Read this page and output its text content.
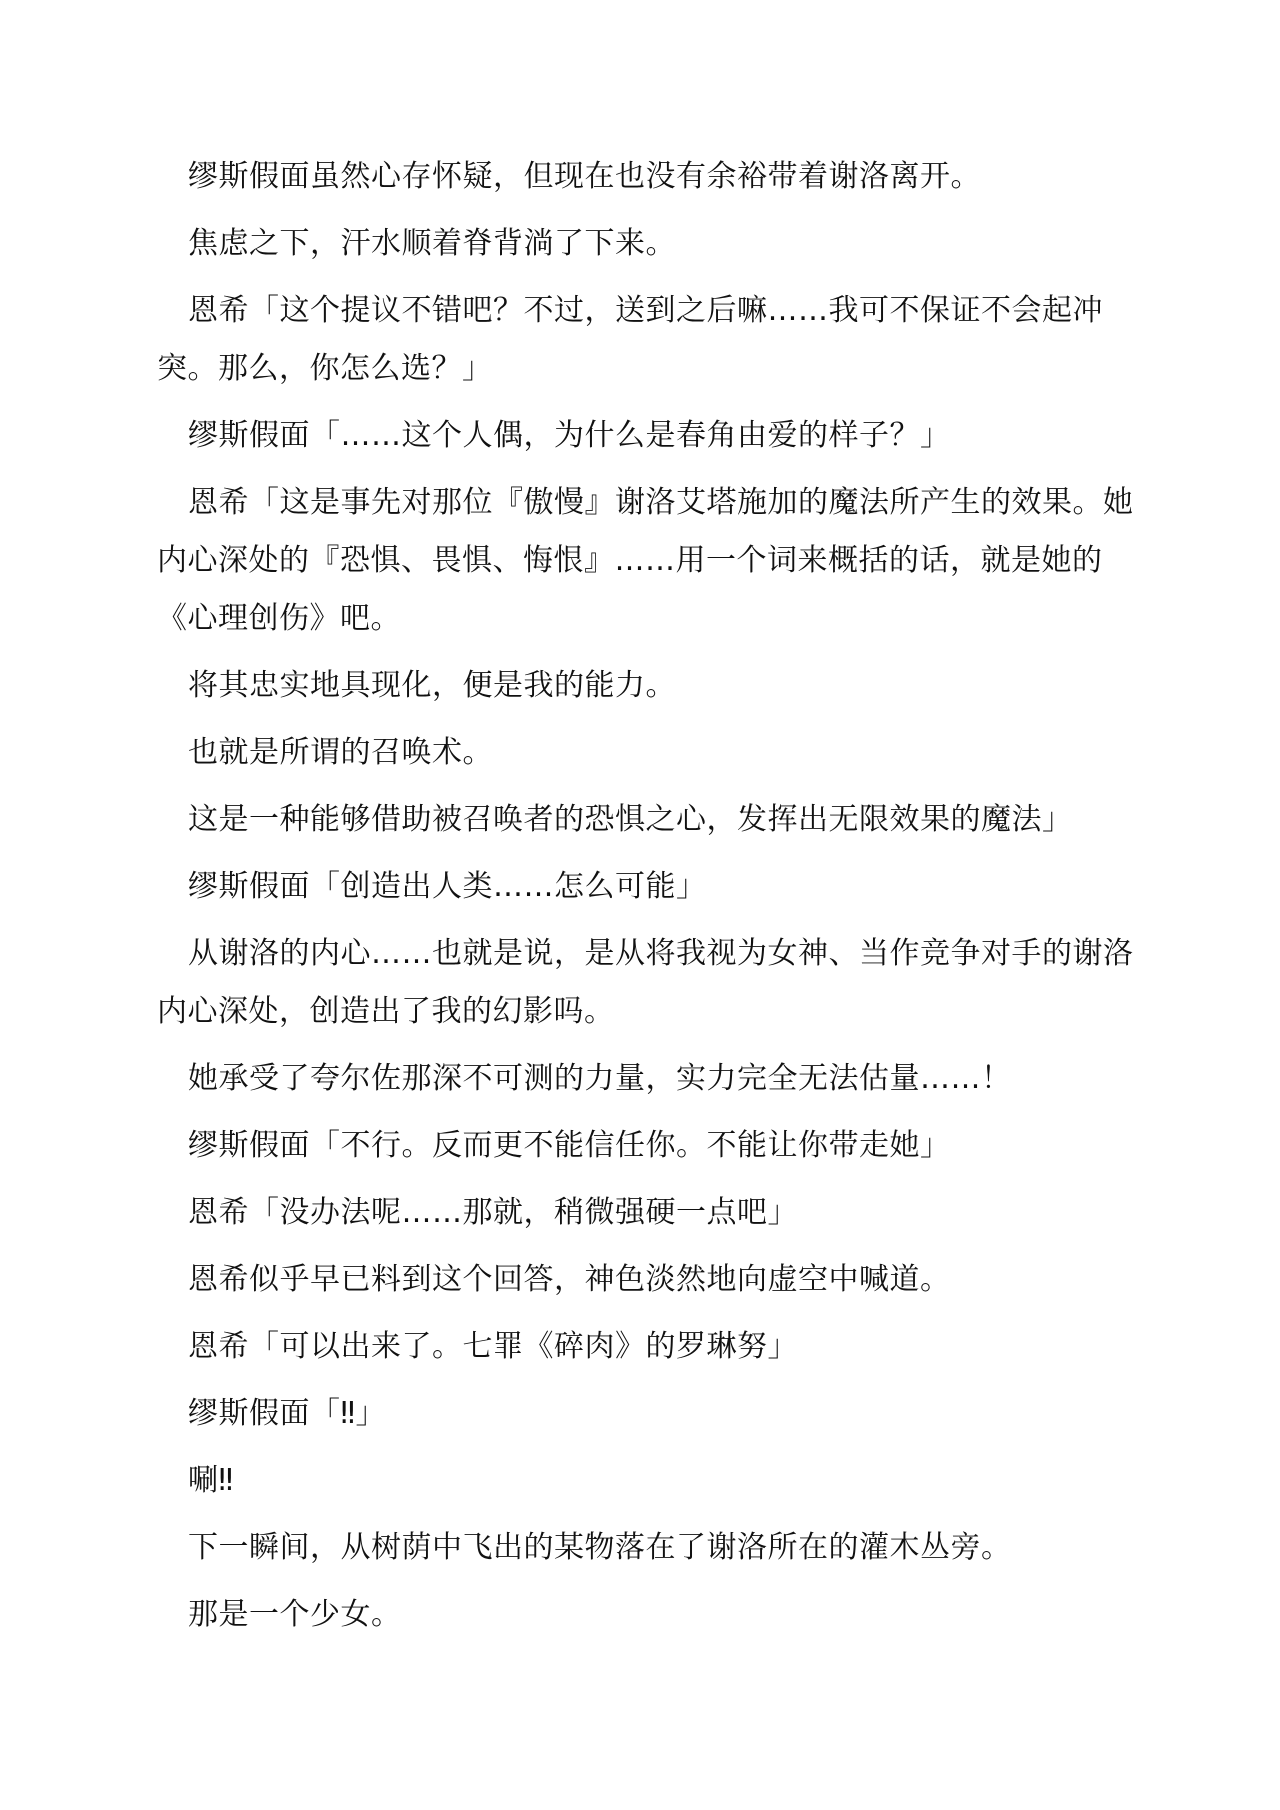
缪斯假面虽然心存怀疑，但现在也没有余裕带着谢洛离开。

焦虑之下，汗水顺着脊背淌了下来。

恩希「这个提议不错吧？不过，送到之后嘛……我可不保证不会起冲突。那么，你怎么选？」

缪斯假面「……这个人偶，为什么是春角由爱的样子？」

恩希「这是事先对那位『傲慢』谢洛艾塔施加的魔法所产生的效果。她内心深处的『恐惧、畏惧、悔恨』……用一个词来概括的话，就是她的《心理创伤》吧。

将其忠实地具现化，便是我的能力。

也就是所谓的召唤术。

这是一种能够借助被召唤者的恐惧之心，发挥出无限效果的魔法」

缪斯假面「创造出人类……怎么可能」

从谢洛的内心……也就是说，是从将我视为女神、当作竞争对手的谢洛内心深处，创造出了我的幻影吗。

她承受了夸尔佐那深不可测的力量，实力完全无法估量……！

缪斯假面「不行。反而更不能信任你。不能让你带走她」

恩希「没办法呢……那就，稍微强硬一点吧」

恩希似乎早已料到这个回答，神色淡然地向虚空中喊道。

恩希「可以出来了。七罪《碎肉》的罗琳努」

缪斯假面「‼」

唰‼

下一瞬间，从树荫中飞出的某物落在了谢洛所在的灌木丛旁。

那是一个少女。
